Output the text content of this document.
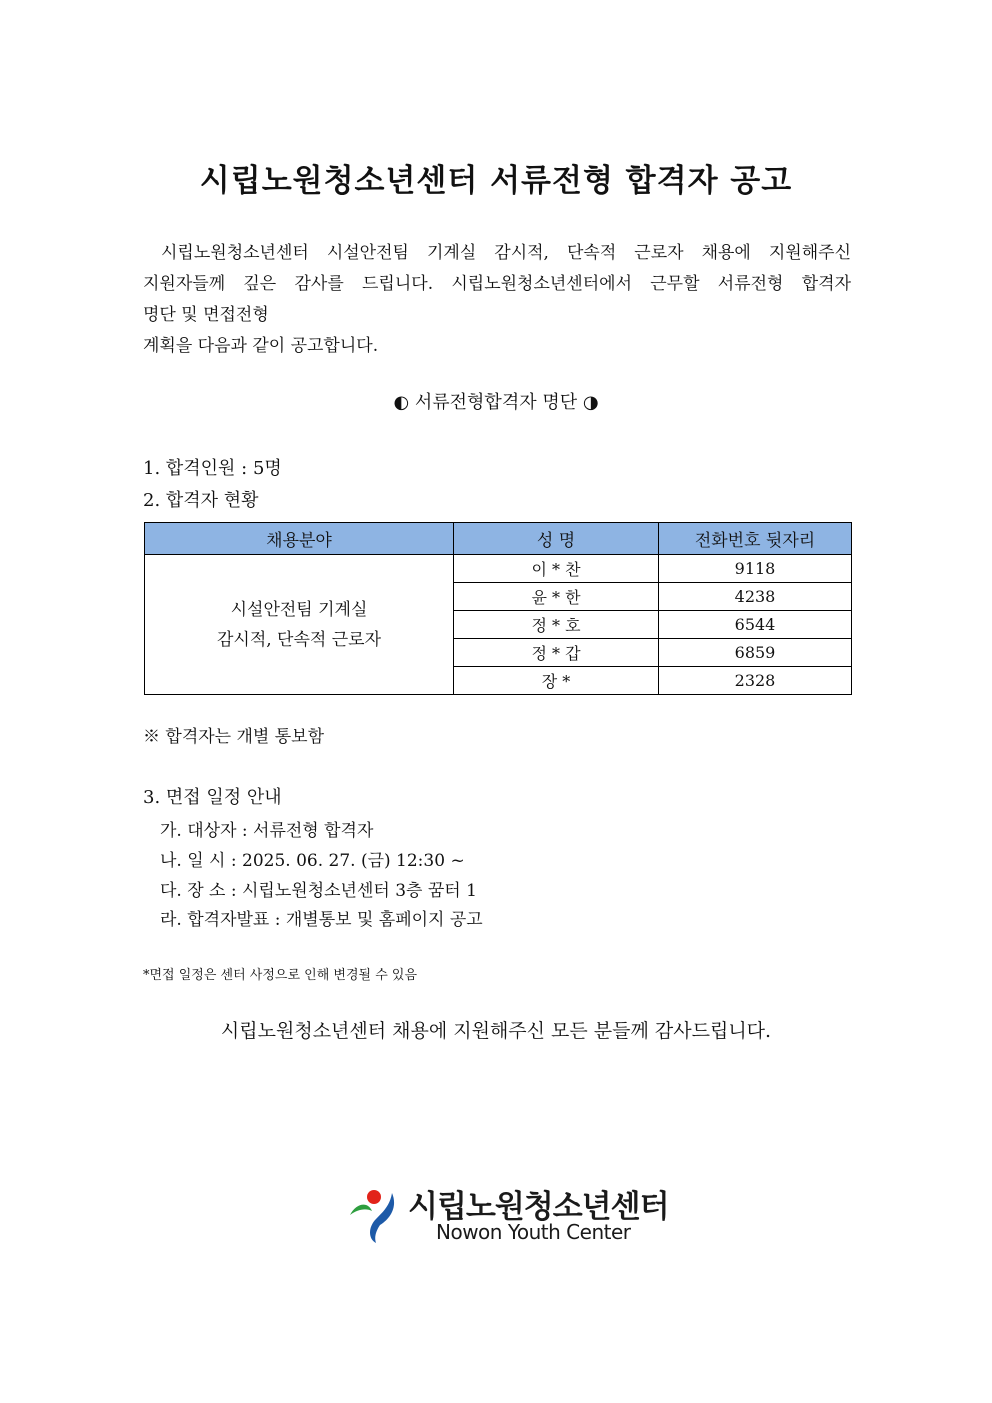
시립노원청소년센터 서류전형 합격자 공고

시립노원청소년센터 시설안전팀 기계실 감시적, 단속적 근로자 채용에 지원해주신

지원자들께 깊은 감사를 드립니다. 시립노원청소년센터에서 근무할 서류전형 합격자

명단 및 면접전형

계획을 다음과 같이 공고합니다.

◐ 서류전형합격자 명단 ◑
1. 합격인원 : 5명
2. 합격자 현황
채용분야	성 명	전화번호 뒷자리

시설안전팀 기계실
감시적, 단속적 근로자	이 * 찬	9118
	윤 * 한	4238
	정 * 호	6544
	정 * 갑	6859
	장 *	2328
※ 합격자는 개별 통보함
3. 면접 일정 안내
가. 대상자 : 서류전형 합격자
나. 일 시 : 2025. 06. 27. (금) 12:30 ~
다. 장 소 : 시립노원청소년센터 3층 꿈터 1
라. 합격자발표 : 개별통보 및 홈페이지 공고
*면접 일정은 센터 사정으로 인해 변경될 수 있음
시립노원청소년센터 채용에 지원해주신 모든 분들께 감사드립니다.
시립노원청소년센터
Nowon Youth Center
